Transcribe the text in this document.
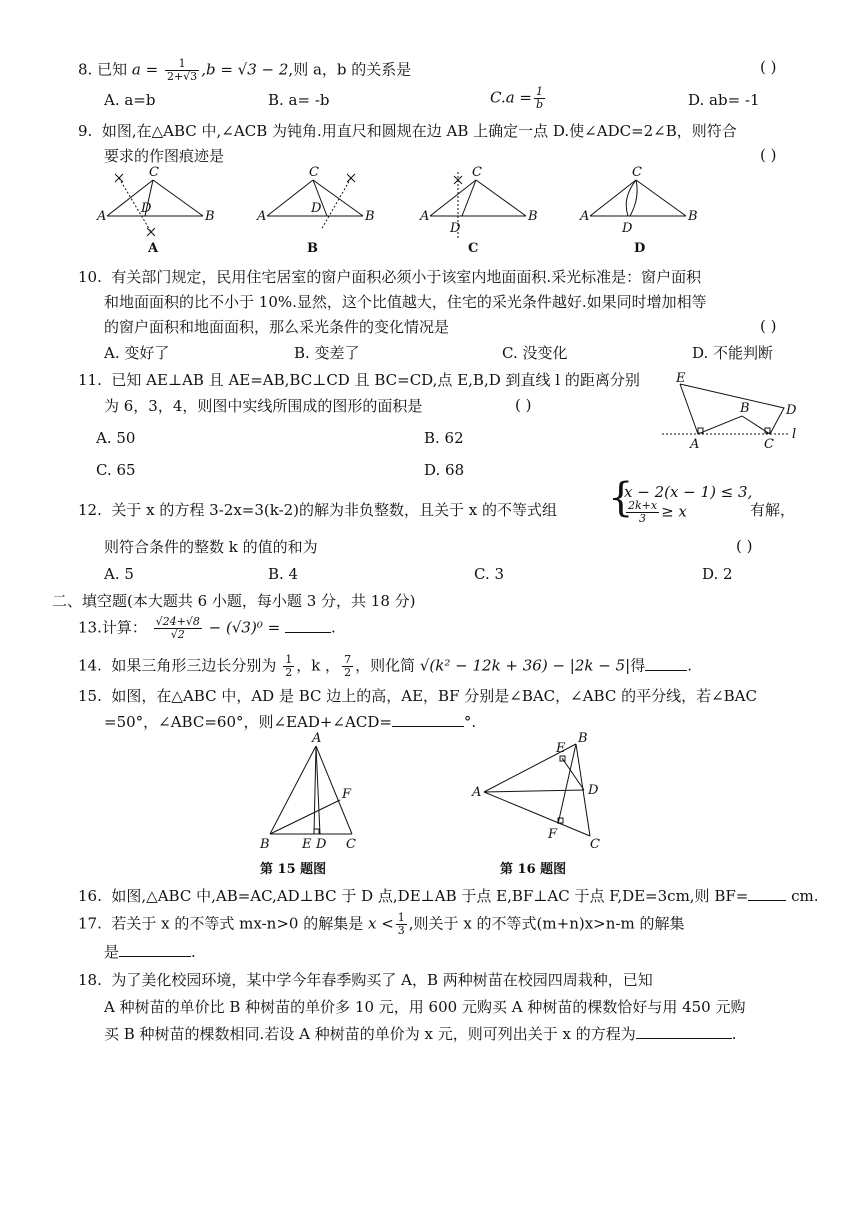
8. 已知 $a = \frac{1}{2+√3} ,b = √3 - 2$,则 a，b 的关系是	( )
A. a=b	B. a= -b	$C.a = \frac{1}{b}$	D. ab= -1
9. 如图,在△ABC 中,∠ACB 为钝角.用直尺和圆规在边 AB 上确定一点 D.使∠ADC=2∠B，则符合
要求的作图痕迹是	( )
A
C
D
B	A
C
D
B	A
C
D
B	A
C
D
B
A	B	C	D
10. 有关部门规定，民用住宅居室的窗户面积必须小于该室内地面面积.采光标准是：窗户面积
和地面面积的比不小于 10%.显然，这个比值越大，住宅的采光条件越好.如果同时增加相等
的窗户面积和地面面积，那么采光条件的变化情况是	( )
A. 变好了	B. 变差了	C. 没变化	D. 不能判断
11. 已知 AE⊥AB 且 AE=AB,BC⊥CD 且 BC=CD,点 E,B,D 到直线 l 的距离分别
为 6，3，4，则图中实线所围成的图形的面积是	( )
A. 50	B. 62
C. 65	D. 68
E
A
B
C
D
l
12. 关于 x 的方程 3-2x=3(k-2)的解为非负整数，且关于 x 的不等式组 {
x − 2(x − 1) ≤ 3,
$\frac{2k+x}{3} \ge x$	有解，
则符合条件的整数 k 的值的和为	( )
A. 5	B. 4	C. 3	D. 2
二、填空题(本大题共 6 小题，每小题 3 分，共 18 分)
13.计算： $\frac{√24+√8}{√2} - (√3)^0$ =	.
14. 如果三角形三边长分别为 $\frac{1}{2}$ ，k ， $\frac{7}{2}$ ，则化简 √(k² − 12k + 36) − |2k − 5|得	.
15. 如图，在△ABC 中，AD 是 BC 边上的高，AE，BF 分别是∠BAC，∠ABC 的平分线，若∠BAC
=50°，∠ABC=60°，则∠EAD+∠ACD=	°.
A
B E D C
F
第 15 题图
A
B
E
D
F
C
第 16 题图
16. 如图,△ABC 中,AB=AC,AD⊥BC 于 D 点,DE⊥AB 于点 E,BF⊥AC 于点 F,DE=3cm,则 BF=	cm.
17. 若关于 x 的不等式 mx-n>0 的解集是 $x < \frac{1}{3}$ ,则关于 x 的不等式(m+n)x>n-m 的解集
是	.
18. 为了美化校园环境，某中学今年春季购买了 A，B 两种树苗在校园四周栽种，已知
A 种树苗的单价比 B 种树苗的单价多 10 元，用 600 元购买 A 种树苗的棵数恰好与用 450 元购
买 B 种树苗的棵数相同.若设 A 种树苗的单价为 x 元，则可列出关于 x 的方程为	.
